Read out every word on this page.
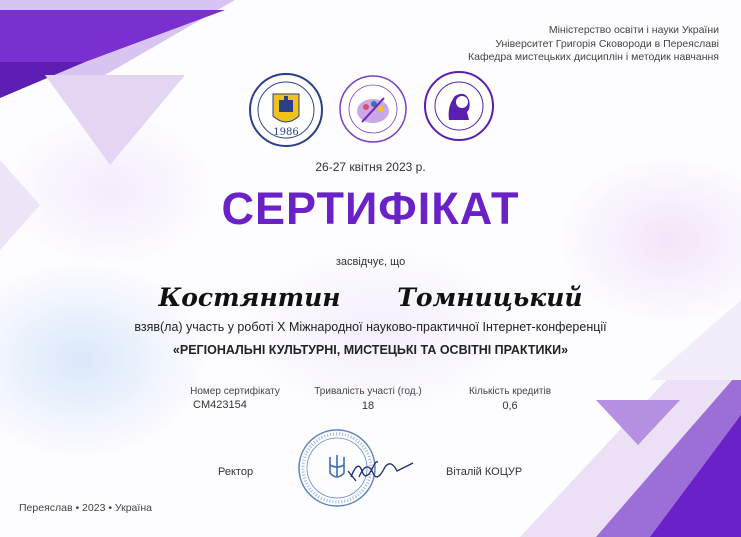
Міністерство освіти і науки України
Університет Григорія Сковороди в Переяславі
Кафедра мистецьких дисциплін і методик навчання
1986
26-27 квітня 2023 р.
СЕРТИФІКАТ
засвідчує, що
Костянтин Томницький
взяв(ла) участь у роботі Х Міжнародної науково-практичної Інтернет-конференції
«РЕГІОНАЛЬНІ КУЛЬТУРНІ, МИСТЕЦЬКІ ТА ОСВІТНІ ПРАКТИКИ»
Номер сертифікату
CM423154
Тривалість участі (год.)
18
Кількість кредитів
0,6
Ректор	Віталій КОЦУР
Переяслав • 2023 • Україна
